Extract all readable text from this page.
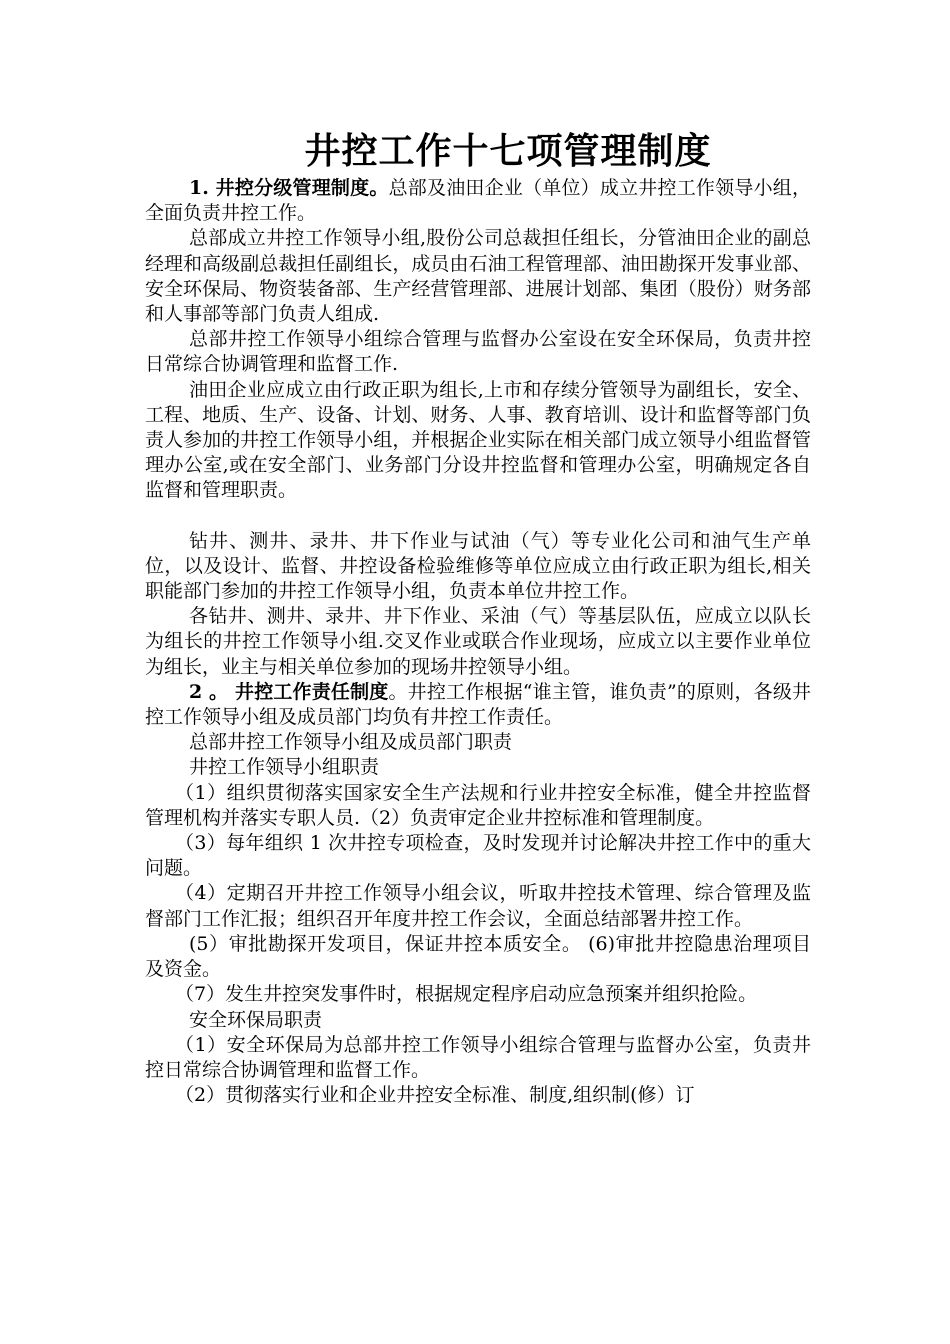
井控工作十七项管理制度

1. 井控分级管理制度。总部及油田企业（单位）成立井控工作领导小组，全面负责井控工作。

总部成立井控工作领导小组,股份公司总裁担任组长，分管油田企业的副总经理和高级副总裁担任副组长，成员由石油工程管理部、油田勘探开发事业部、安全环保局、物资装备部、生产经营管理部、进展计划部、集团（股份）财务部和人事部等部门负责人组成.

总部井控工作领导小组综合管理与监督办公室设在安全环保局，负责井控日常综合协调管理和监督工作.

油田企业应成立由行政正职为组长,上市和存续分管领导为副组长，安全、工程、地质、生产、设备、计划、财务、人事、教育培训、设计和监督等部门负责人参加的井控工作领导小组，并根据企业实际在相关部门成立领导小组监督管理办公室,或在安全部门、业务部门分设井控监督和管理办公室，明确规定各自监督和管理职责。

钻井、测井、录井、井下作业与试油（气）等专业化公司和油气生产单位，以及设计、监督、井控设备检验维修等单位应成立由行政正职为组长,相关职能部门参加的井控工作领导小组，负责本单位井控工作。

各钻井、测井、录井、井下作业、采油（气）等基层队伍，应成立以队长为组长的井控工作领导小组.交叉作业或联合作业现场，应成立以主要作业单位为组长，业主与相关单位参加的现场井控领导小组。

2 。 井控工作责任制度。井控工作根据“谁主管，谁负责”的原则，各级井控工作领导小组及成员部门均负有井控工作责任。

总部井控工作领导小组及成员部门职责

井控工作领导小组职责

（1）组织贯彻落实国家安全生产法规和行业井控安全标准，健全井控监督管理机构并落实专职人员.（2）负责审定企业井控标准和管理制度。

（3）每年组织 1 次井控专项检查，及时发现并讨论解决井控工作中的重大问题。

（4）定期召开井控工作领导小组会议，听取井控技术管理、综合管理及监督部门工作汇报；组织召开年度井控工作会议，全面总结部署井控工作。

(5）审批勘探开发项目，保证井控本质安全。 (6)审批井控隐患治理项目及资金。

（7）发生井控突发事件时，根据规定程序启动应急预案并组织抢险。

安全环保局职责

（1）安全环保局为总部井控工作领导小组综合管理与监督办公室，负责井控日常综合协调管理和监督工作。

（2）贯彻落实行业和企业井控安全标准、制度,组织制(修）订
